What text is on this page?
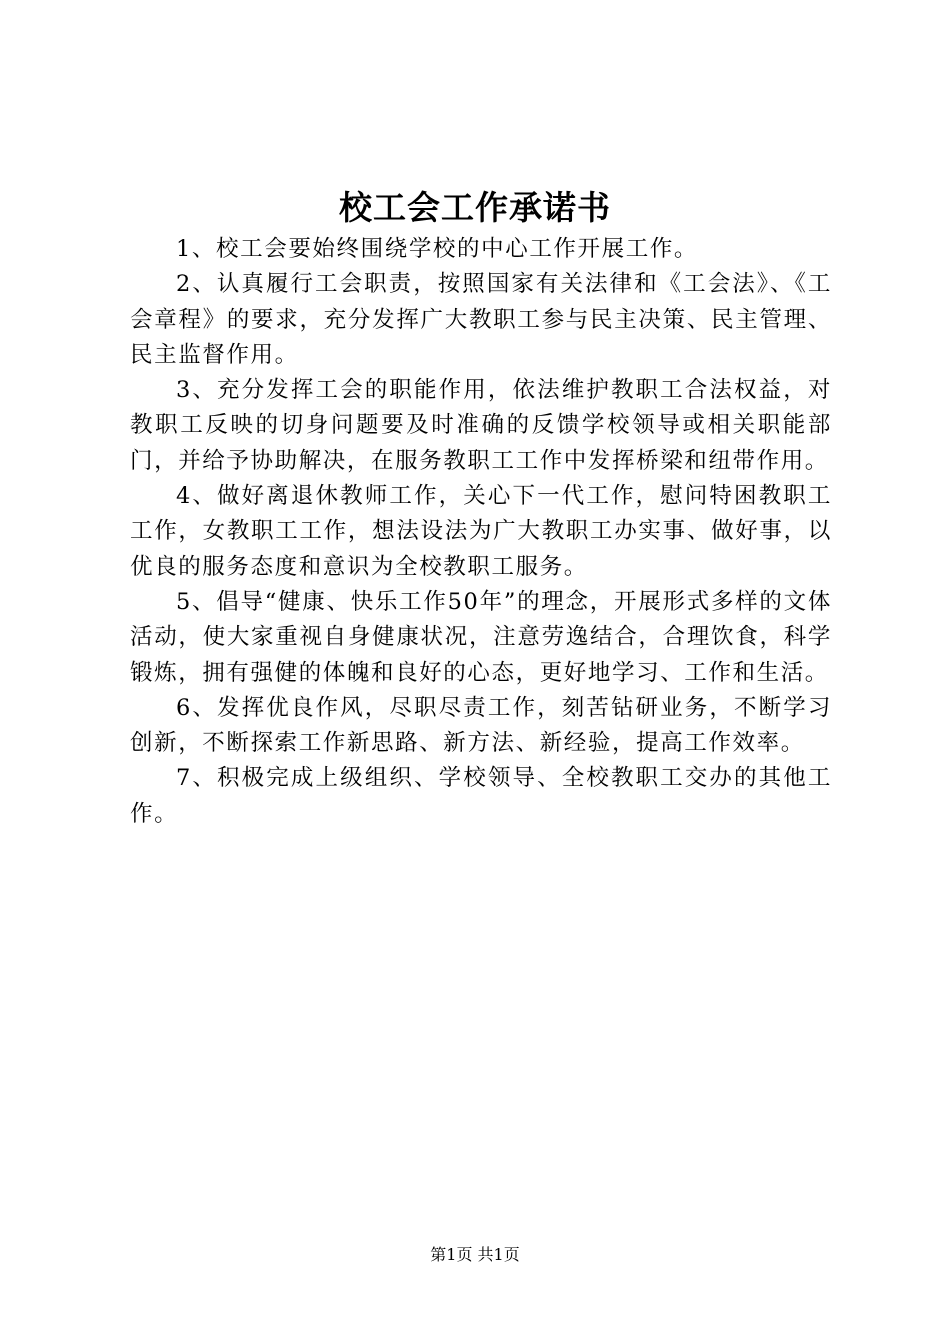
校工会工作承诺书

1、校工会要始终围绕学校的中心工作开展工作。

2、认真履行工会职责，按照国家有关法律和《工会法》、《工会章程》的要求，充分发挥广大教职工参与民主决策、民主管理、民主监督作用。

3、充分发挥工会的职能作用，依法维护教职工合法权益，对教职工反映的切身问题要及时准确的反馈学校领导或相关职能部门，并给予协助解决，在服务教职工工作中发挥桥梁和纽带作用。

4、做好离退休教师工作，关心下一代工作，慰问特困教职工工作，女教职工工作，想法设法为广大教职工办实事、做好事，以优良的服务态度和意识为全校教职工服务。

5、倡导“健康、快乐工作50年”的理念，开展形式多样的文体活动，使大家重视自身健康状况，注意劳逸结合，合理饮食，科学锻炼，拥有强健的体魄和良好的心态，更好地学习、工作和生活。

6、发挥优良作风，尽职尽责工作，刻苦钻研业务，不断学习创新，不断探索工作新思路、新方法、新经验，提高工作效率。

7、积极完成上级组织、学校领导、全校教职工交办的其他工作。

第1页 共1页
